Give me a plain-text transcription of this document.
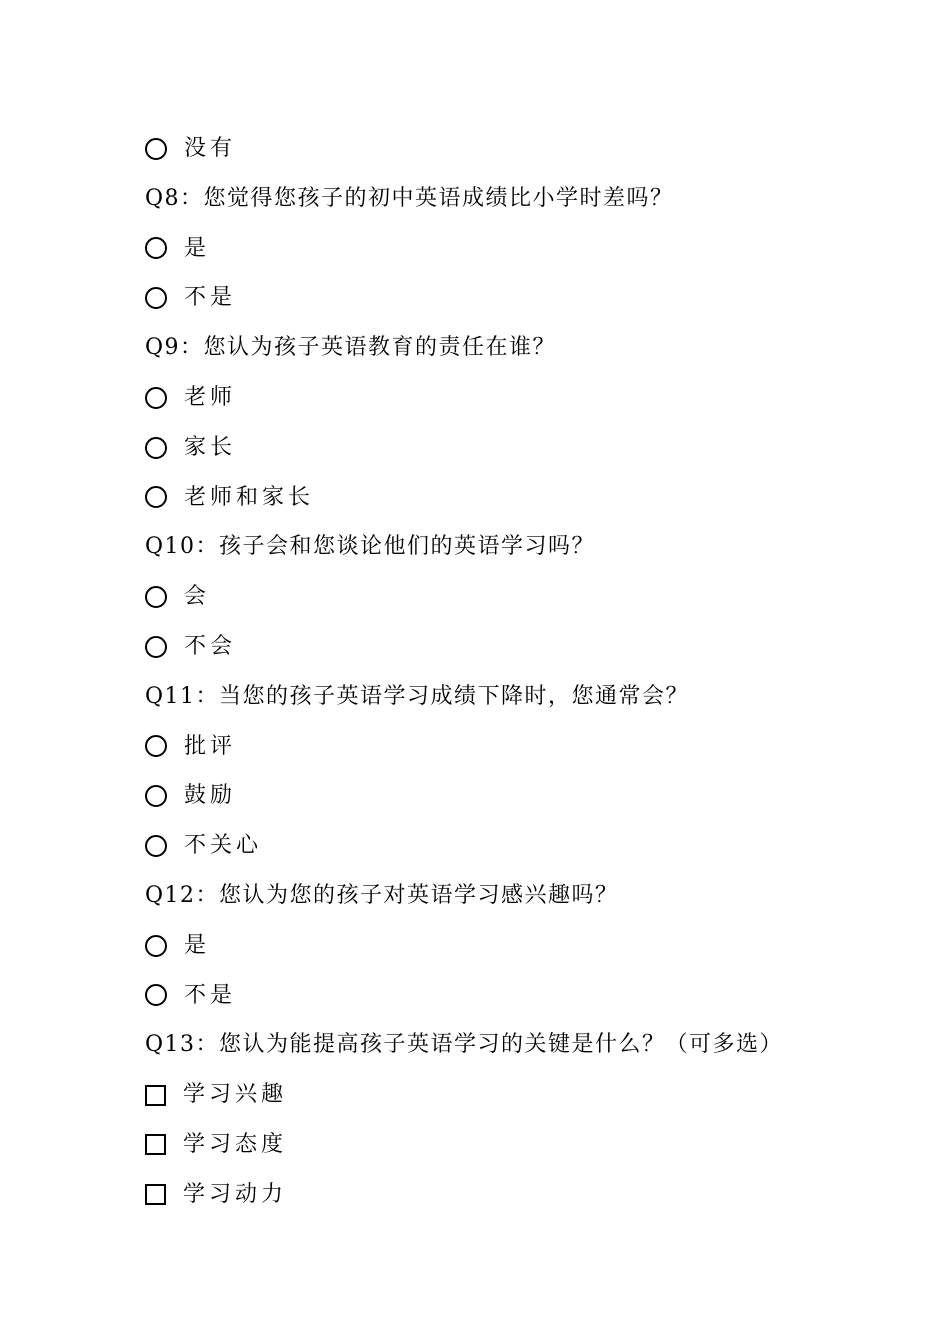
没有
Q8：您觉得您孩子的初中英语成绩比小学时差吗？
是
不是
Q9：您认为孩子英语教育的责任在谁？
老师
家长
老师和家长
Q10：孩子会和您谈论他们的英语学习吗？
会
不会
Q11：当您的孩子英语学习成绩下降时，您通常会？
批评
鼓励
不关心
Q12：您认为您的孩子对英语学习感兴趣吗？
是
不是
Q13：您认为能提高孩子英语学习的关键是什么？（可多选）
学习兴趣
学习态度
学习动力
